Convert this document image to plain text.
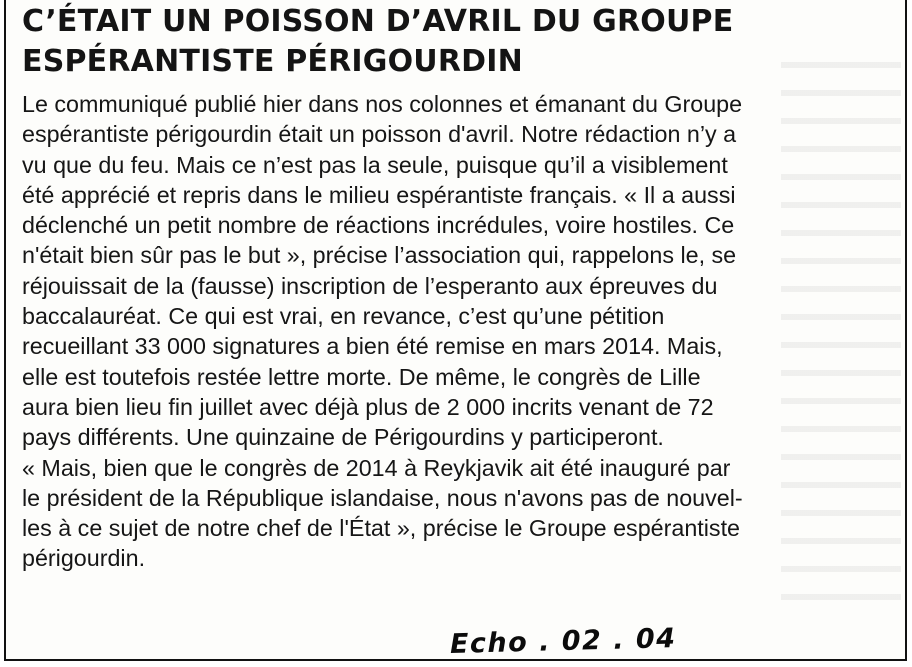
C’ÉTAIT UN POISSON D’AVRIL DU GROUPE
ESPÉRANTISTE PÉRIGOURDIN
Le communiqué publié hier dans nos colonnes et émanant du Groupe
espérantiste périgourdin était un poisson d'avril. Notre rédaction n’y a
vu que du feu. Mais ce n’est pas la seule, puisque qu’il a visiblement
été apprécié et repris dans le milieu espérantiste français. « Il a aussi
déclenché un petit nombre de réactions incrédules, voire hostiles. Ce
n'était bien sûr pas le but », précise l’association qui, rappelons le, se
réjouissait de la (fausse) inscription de l’esperanto aux épreuves du
baccalauréat. Ce qui est vrai, en revance, c’est qu’une pétition
recueillant 33 000 signatures a bien été remise en mars 2014. Mais,
elle est toutefois restée lettre morte. De même, le congrès de Lille
aura bien lieu fin juillet avec déjà plus de 2 000 incrits venant de 72
pays différents. Une quinzaine de Périgourdins y participeront.
« Mais, bien que le congrès de 2014 à Reykjavik ait été inauguré par
le président de la République islandaise, nous n'avons pas de nouvel-
les à ce sujet de notre chef de l'État », précise le Groupe espérantiste
périgourdin.
Echo . 02 . 04
